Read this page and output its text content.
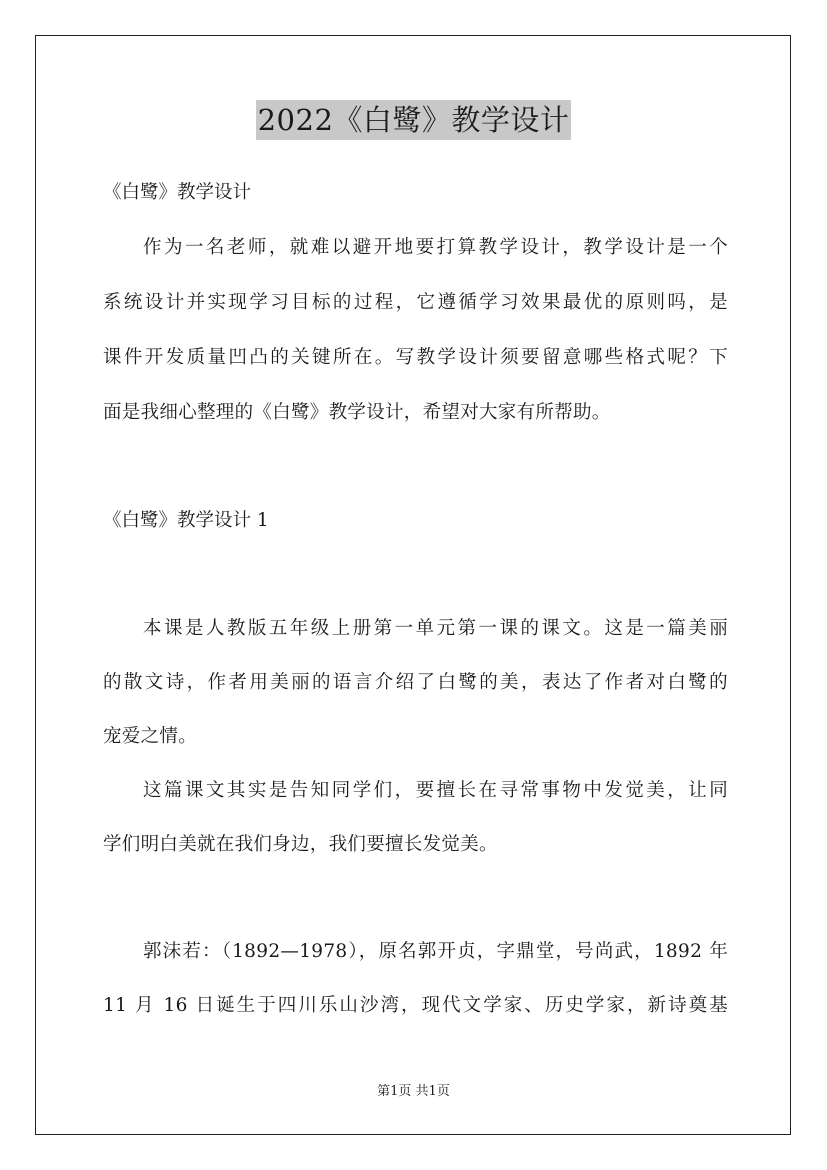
2022《白鹭》教学设计
《白鹭》教学设计
作为一名老师，就难以避开地要打算教学设计，教学设计是一个
系统设计并实现学习目标的过程，它遵循学习效果最优的原则吗，是
课件开发质量凹凸的关键所在。写教学设计须要留意哪些格式呢？下
面是我细心整理的《白鹭》教学设计，希望对大家有所帮助。
《白鹭》教学设计 1
本课是人教版五年级上册第一单元第一课的课文。这是一篇美丽
的散文诗，作者用美丽的语言介绍了白鹭的美，表达了作者对白鹭的
宠爱之情。
这篇课文其实是告知同学们，要擅长在寻常事物中发觉美，让同
学们明白美就在我们身边，我们要擅长发觉美。
郭沫若：（1892—1978），原名郭开贞，字鼎堂，号尚武，1892 年
11 月 16 日诞生于四川乐山沙湾，现代文学家、历史学家，新诗奠基
第1页 共1页
